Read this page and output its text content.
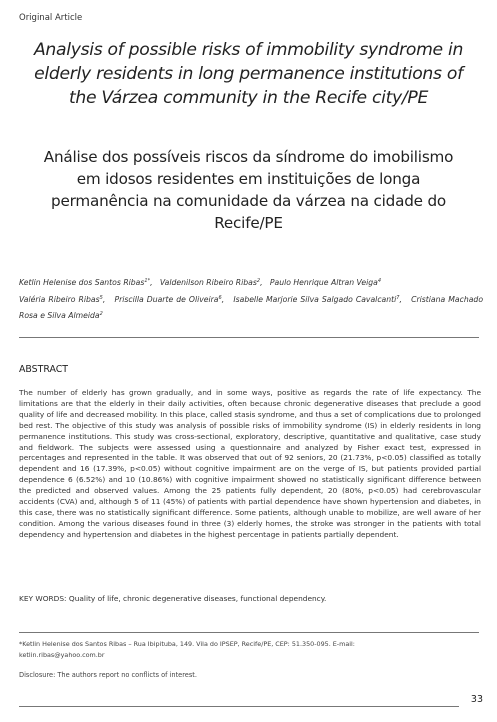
Original Article
Analysis of possible risks of immobility syndrome in
elderly residents in long permanence institutions of
the Várzea community in the Recife city/PE
Análise dos possíveis riscos da síndrome do imobilismo
em idosos residentes em instituições de longa
permanência na comunidade da várzea na cidade do
Recife/PE
Ketlin Helenise dos Santos Ribas$^{1*}$,   Valdenilson Ribeiro Ribas$^2$,   Paulo Henrique Altran Veiga$^4$
Valéria Ribeiro Ribas$^5$,   Priscilla Duarte de Oliveira$^6$,   Isabelle Marjorie Silva Salgado Cavalcanti$^7$,   Cristiana Machado Rosa e Silva Almeida$^2$
ABSTRACT
The number of elderly has grown gradually, and in some ways, positive as regards the rate of life expectancy. The limitations are that the elderly in their daily activities, often because chronic degenerative diseases that preclude a good quality of life and decreased mobility. In this place, called stasis syndrome, and thus a set of complications due to prolonged bed rest. The objective of this study was analysis of possible risks of immobility syndrome (IS) in elderly residents in long permanence institutions. This study was cross-sectional, exploratory, descriptive, quantitative and qualitative, case study and fieldwork. The subjects were assessed using a questionnaire and analyzed by Fisher exact test, expressed in percentages and represented in the table. It was observed that out of 92 seniors, 20 (21.73%, p<0.05) classified as totally dependent and 16 (17.39%, p<0.05) without cognitive impairment are on the verge of IS, but patients provided partial dependence 6 (6.52%) and 10 (10.86%) with cognitive impairment showed no statistically significant difference between the predicted and observed values. Among the 25 patients fully dependent, 20 (80%, p<0.05) had cerebrovascular accidents (CVA) and, although 5 of 11 (45%) of patients with partial dependence have shown hypertension and diabetes, in this case, there was no statistically significant difference. Some patients, although unable to mobilize, are well aware of her condition. Among the various diseases found in three (3) elderly homes, the stroke was stronger in the patients with total dependency and hypertension and diabetes in the highest percentage in patients partially dependent.
KEY WORDS: Quality of life, chronic degenerative diseases, functional dependency.
*Ketlin Helenise dos Santos Ribas – Rua Ibipituba, 149. Vila do IPSEP, Recife/PE, CEP: 51.350-095. E-mail:
ketlin.ribas@yahoo.com.br
Disclosure: The authors report no conflicts of interest.
33
